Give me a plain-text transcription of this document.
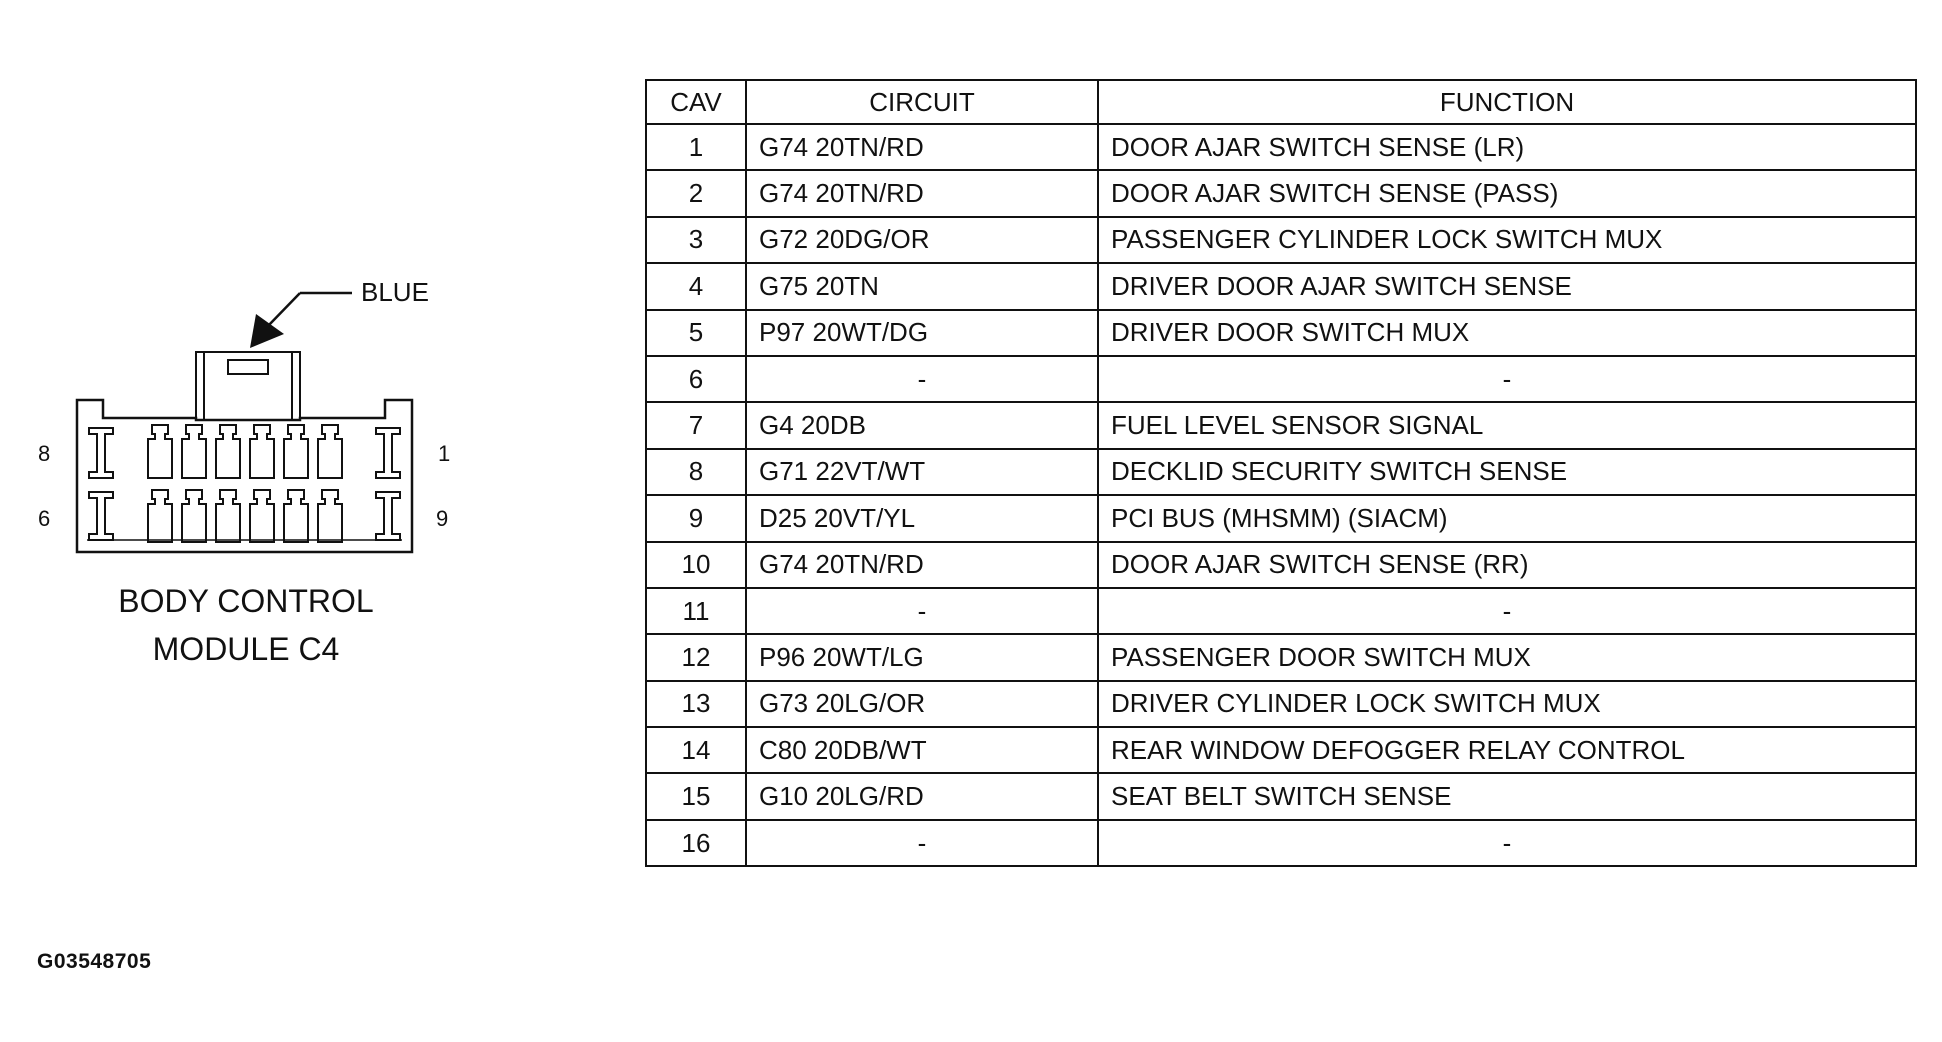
BLUE
8
6
1
9
BODY CONTROL
MODULE C4
G03548705
CAV	CIRCUIT	FUNCTION
1	G74 20TN/RD	DOOR AJAR SWITCH SENSE (LR)
2	G74 20TN/RD	DOOR AJAR SWITCH SENSE (PASS)
3	G72 20DG/OR	PASSENGER CYLINDER LOCK SWITCH MUX
4	G75 20TN	DRIVER DOOR AJAR SWITCH SENSE
5	P97 20WT/DG	DRIVER DOOR SWITCH MUX
6	-	-
7	G4 20DB	FUEL LEVEL SENSOR SIGNAL
8	G71 22VT/WT	DECKLID SECURITY SWITCH SENSE
9	D25 20VT/YL	PCI BUS (MHSMM) (SIACM)
10	G74 20TN/RD	DOOR AJAR SWITCH SENSE (RR)
11	-	-
12	P96 20WT/LG	PASSENGER DOOR SWITCH MUX
13	G73 20LG/OR	DRIVER CYLINDER LOCK SWITCH MUX
14	C80 20DB/WT	REAR WINDOW DEFOGGER RELAY CONTROL
15	G10 20LG/RD	SEAT BELT SWITCH SENSE
16	-	-
